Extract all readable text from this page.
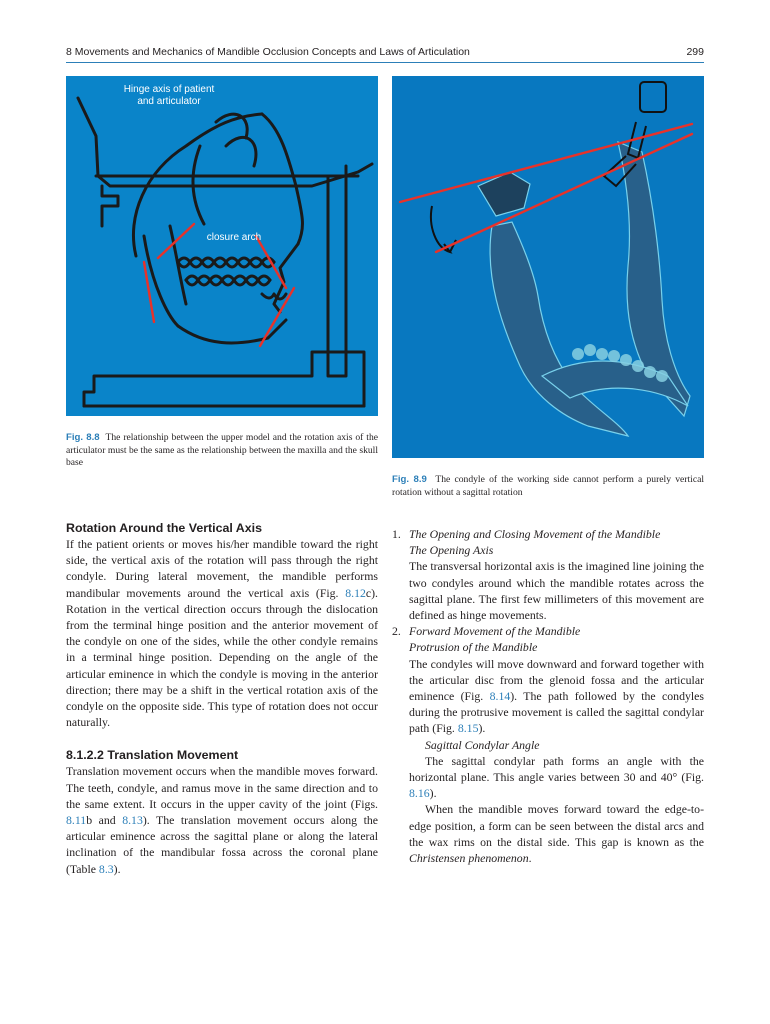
8 Movements and Mechanics of Mandible Occlusion Concepts and Laws of Articulation	299
Hinge axis of patient
and articulator
closure arch
Fig. 8.8 The relationship between the upper model and the rotation axis of the articulator must be the same as the relationship between the maxilla and the skull base
Fig. 8.9 The condyle of the working side cannot perform a purely vertical rotation without a sagittal rotation
Rotation Around the Vertical Axis

If the patient orients or moves his/her mandible toward the right side, the vertical axis of the rotation will pass through the right condyle. During lateral movement, the mandible performs mandibular movements around the vertical axis (Fig. 8.12c). Rotation in the vertical direction occurs through the dislocation from the terminal hinge position and the anterior movement of the condyle on one of the sides, while the other condyle remains in a terminal hinge position. Depending on the angle of the articular eminence in which the condyle is moving in the anterior direction; there may be a shift in the vertical rotation axis of the condyle on the opposite side. This type of rotation does not occur naturally.

8.1.2.2 Translation Movement

Translation movement occurs when the mandible moves forward. The teeth, condyle, and ramus move in the same direction and to the same extent. It occurs in the upper cavity of the joint (Figs. 8.11b and 8.13). The translation movement occurs along the articular eminence across the sagittal plane or along the lateral inclination of the mandibular fossa across the coronal plane (Table 8.3).

1. The Opening and Closing Movement of the Mandible
The Opening Axis

The transversal horizontal axis is the imagined line joining the two condyles around which the mandible rotates across the sagittal plane. The first few millimeters of this movement are defined as hinge movements.

2. Forward Movement of the Mandible
Protrusion of the Mandible

The condyles will move downward and forward together with the articular disc from the glenoid fossa and the articular eminence (Fig. 8.14). The path followed by the condyles during the protrusive movement is called the sagittal condylar path (Fig. 8.15).

Sagittal Condylar Angle

The sagittal condylar path forms an angle with the horizontal plane. This angle varies between 30 and 40° (Fig. 8.16).

When the mandible moves forward toward the edge-to-edge position, a form can be seen between the distal arcs and the wax rims on the distal side. This gap is known as the Christensen phenomenon.
